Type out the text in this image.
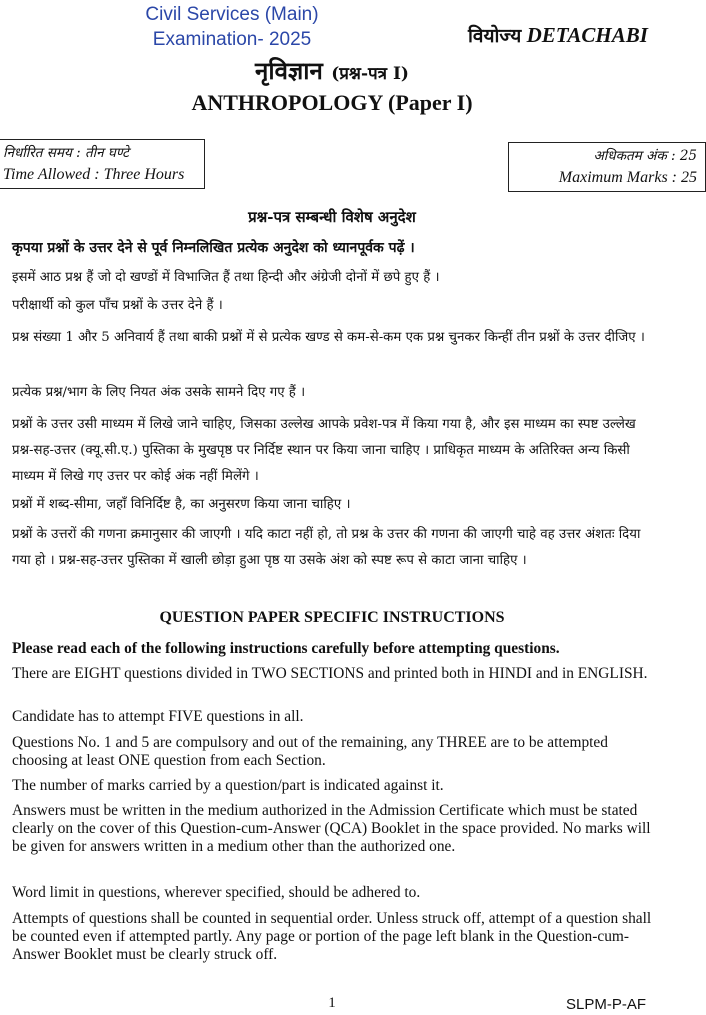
Civil Services (Main)
Examination- 2025	वियोज्य DETACHABI
नृविज्ञान (प्रश्न-पत्र I)
ANTHROPOLOGY (Paper I)
निर्धारित समय : तीन घण्टे
Time Allowed : Three Hours
अधिकतम अंक : 25
Maximum Marks : 25
प्रश्न-पत्र सम्बन्धी विशेष अनुदेश
कृपया प्रश्नों के उत्तर देने से पूर्व निम्नलिखित प्रत्येक अनुदेश को ध्यानपूर्वक पढ़ें ।
इसमें आठ प्रश्न हैं जो दो खण्डों में विभाजित हैं तथा हिन्दी और अंग्रेजी दोनों में छपे हुए हैं ।
परीक्षार्थी को कुल पाँच प्रश्नों के उत्तर देने हैं ।
प्रश्न संख्या 1 और 5 अनिवार्य हैं तथा बाकी प्रश्नों में से प्रत्येक खण्ड से कम-से-कम एक प्रश्न चुनकर किन्हीं तीन प्रश्नों के उत्तर दीजिए ।
प्रत्येक प्रश्न/भाग के लिए नियत अंक उसके सामने दिए गए हैं ।
प्रश्नों के उत्तर उसी माध्यम में लिखे जाने चाहिए, जिसका उल्लेख आपके प्रवेश-पत्र में किया गया है, और इस माध्यम का स्पष्ट उल्लेख प्रश्न-सह-उत्तर (क्यू.सी.ए.) पुस्तिका के मुखपृष्ठ पर निर्दिष्ट स्थान पर किया जाना चाहिए । प्राधिकृत माध्यम के अतिरिक्त अन्य किसी माध्यम में लिखे गए उत्तर पर कोई अंक नहीं मिलेंगे ।
प्रश्नों में शब्द-सीमा, जहाँ विनिर्दिष्ट है, का अनुसरण किया जाना चाहिए ।
प्रश्नों के उत्तरों की गणना क्रमानुसार की जाएगी । यदि काटा नहीं हो, तो प्रश्न के उत्तर की गणना की जाएगी चाहे वह उत्तर अंशतः दिया गया हो । प्रश्न-सह-उत्तर पुस्तिका में खाली छोड़ा हुआ पृष्ठ या उसके अंश को स्पष्ट रूप से काटा जाना चाहिए ।
QUESTION PAPER SPECIFIC INSTRUCTIONS
Please read each of the following instructions carefully before attempting questions.
There are EIGHT questions divided in TWO SECTIONS and printed both in HINDI and in ENGLISH.
Candidate has to attempt FIVE questions in all.
Questions No. 1 and 5 are compulsory and out of the remaining, any THREE are to be attempted choosing at least ONE question from each Section.
The number of marks carried by a question/part is indicated against it.
Answers must be written in the medium authorized in the Admission Certificate which must be stated clearly on the cover of this Question-cum-Answer (QCA) Booklet in the space provided. No marks will be given for answers written in a medium other than the authorized one.
Word limit in questions, wherever specified, should be adhered to.
Attempts of questions shall be counted in sequential order. Unless struck off, attempt of a question shall be counted even if attempted partly. Any page or portion of the page left blank in the Question-cum-Answer Booklet must be clearly struck off.
1	SLPM-P-AF
